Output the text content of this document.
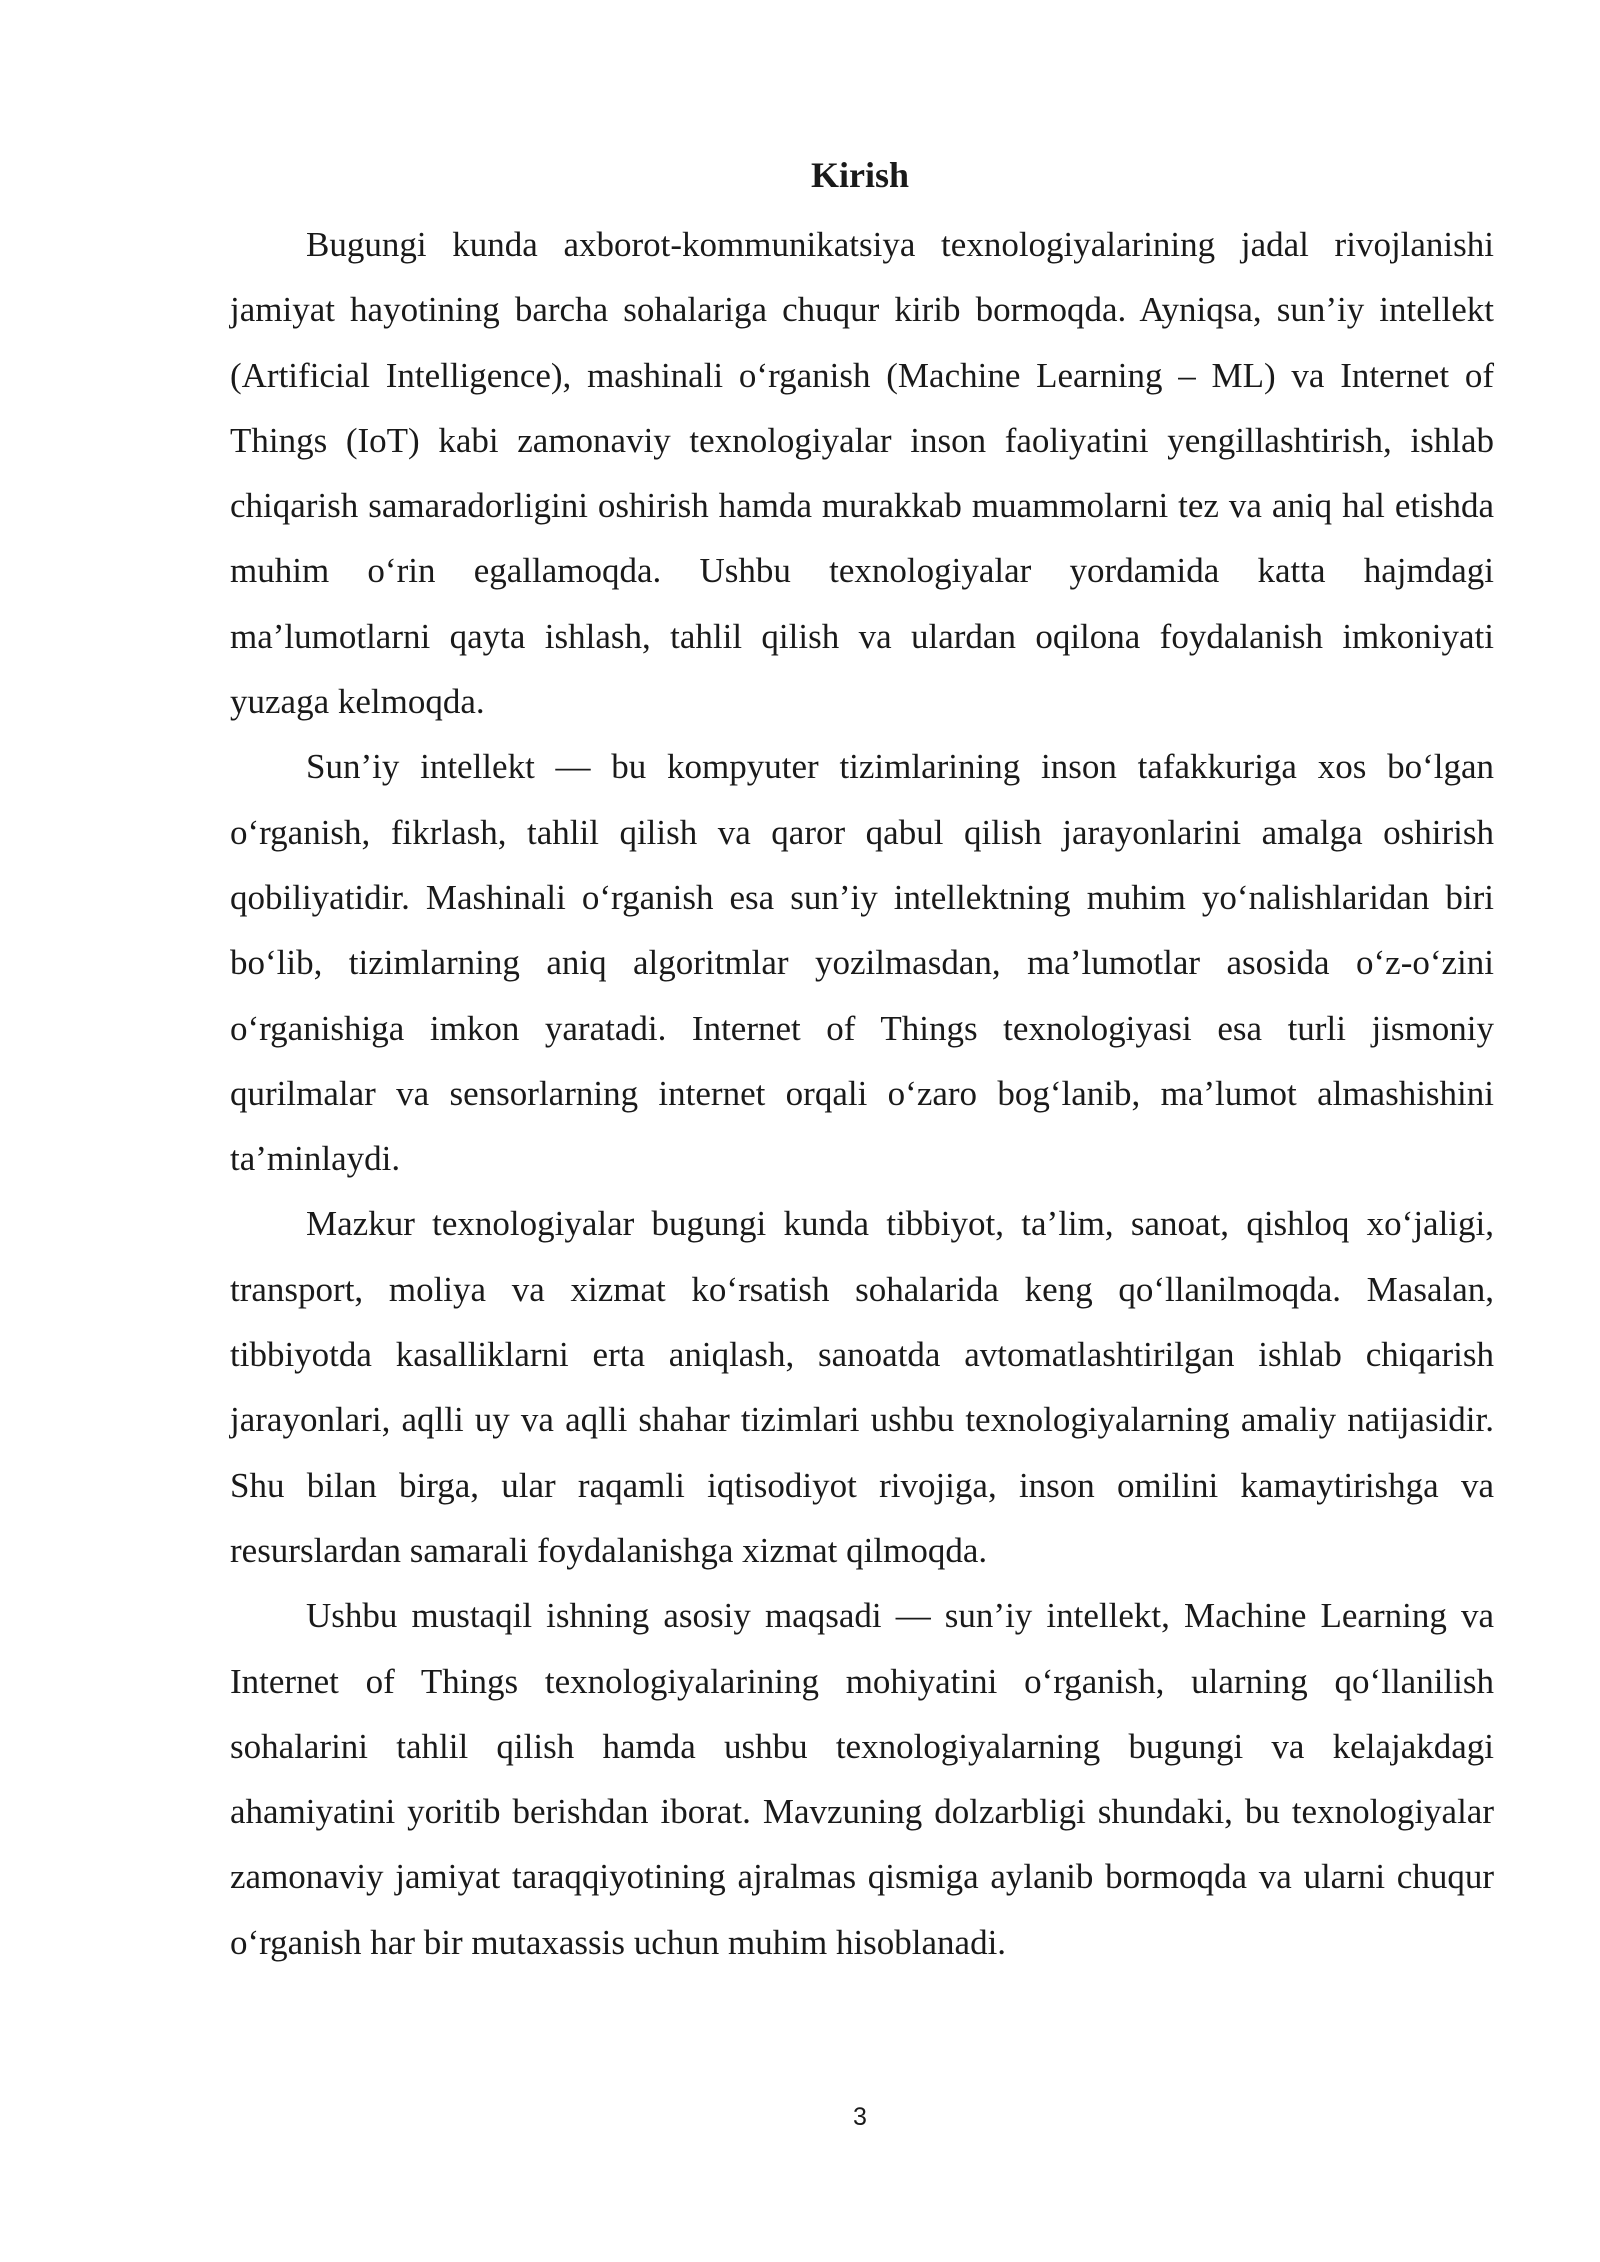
Kirish

Bugungi kunda axborot-kommunikatsiya texnologiyalarining jadal rivojlanishi jamiyat hayotining barcha sohalariga chuqur kirib bormoqda. Ayniqsa, sun’iy intellekt (Artificial Intelligence), mashinali o‘rganish (Machine Learning – ML) va Internet of Things (IoT) kabi zamonaviy texnologiyalar inson faoliyatini yengillashtirish, ishlab chiqarish samaradorligini oshirish hamda murakkab muammolarni tez va aniq hal etishda muhim o‘rin egallamoqda. Ushbu texnologiyalar yordamida katta hajmdagi ma’lumotlarni qayta ishlash, tahlil qilish va ulardan oqilona foydalanish imkoniyati yuzaga kelmoqda.

Sun’iy intellekt — bu kompyuter tizimlarining inson tafakkuriga xos bo‘lgan o‘rganish, fikrlash, tahlil qilish va qaror qabul qilish jarayonlarini amalga oshirish qobiliyatidir. Mashinali o‘rganish esa sun’iy intellektning muhim yo‘nalishlaridan biri bo‘lib, tizimlarning aniq algoritmlar yozilmasdan, ma’lumotlar asosida o‘z-o‘zini o‘rganishiga imkon yaratadi. Internet of Things texnologiyasi esa turli jismoniy qurilmalar va sensorlarning internet orqali o‘zaro bog‘lanib, ma’lumot almashishini ta’minlaydi.

Mazkur texnologiyalar bugungi kunda tibbiyot, ta’lim, sanoat, qishloq xo‘jaligi, transport, moliya va xizmat ko‘rsatish sohalarida keng qo‘llanilmoqda. Masalan, tibbiyotda kasalliklarni erta aniqlash, sanoatda avtomatlashtirilgan ishlab chiqarish jarayonlari, aqlli uy va aqlli shahar tizimlari ushbu texnologiyalarning amaliy natijasidir. Shu bilan birga, ular raqamli iqtisodiyot rivojiga, inson omilini kamaytirishga va resurslardan samarali foydalanishga xizmat qilmoqda.

Ushbu mustaqil ishning asosiy maqsadi — sun’iy intellekt, Machine Learning va Internet of Things texnologiyalarining mohiyatini o‘rganish, ularning qo‘llanilish sohalarini tahlil qilish hamda ushbu texnologiyalarning bugungi va kelajakdagi ahamiyatini yoritib berishdan iborat. Mavzuning dolzarbligi shundaki, bu texnologiyalar zamonaviy jamiyat taraqqiyotining ajralmas qismiga aylanib bormoqda va ularni chuqur o‘rganish har bir mutaxassis uchun muhim hisoblanadi.

3
